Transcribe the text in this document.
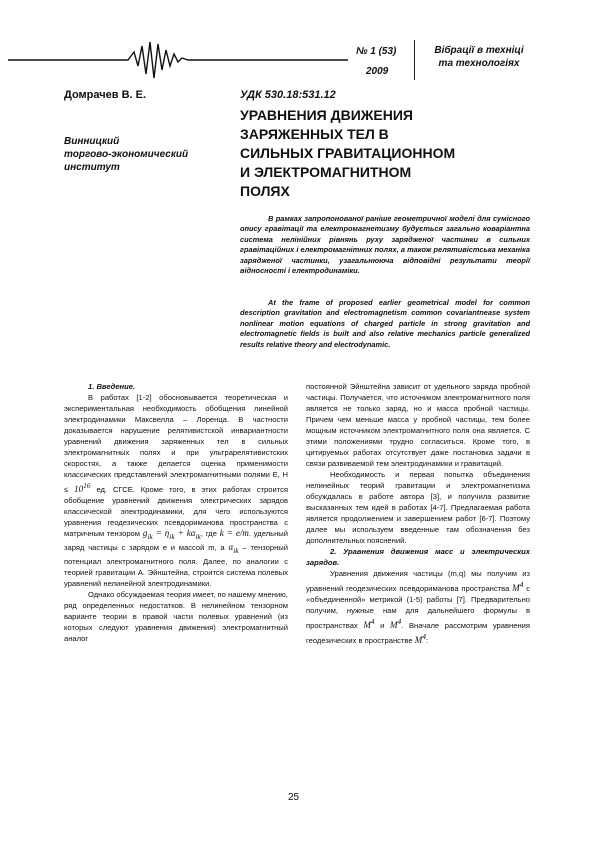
№ 1 (53)
2009
Вібрації в техніці
та технологіях
Домрачев В. Е.	УДК 530.18:531.12
Винницкий
торгово-экономический
институт
УРАВНЕНИЯ ДВИЖЕНИЯ
ЗАРЯЖЕННЫХ ТЕЛ В
СИЛЬНЫХ ГРАВИТАЦИОННОМ
И ЭЛЕКТРОМАГНИТНОМ
ПОЛЯХ
В рамках запропонованої раніше геометричної моделі для сумісного опису гравітації та електромагнетизму будується загально коваріантна система нелінійних рівнянь руху зарядженої частинки в сильних гравітаційних і електромагнітних полях, а також релятивістська механіка зарядженої частинки, узагальнююча відповідні результати теорії відносності і електродинаміки.
At the frame of proposed earlier geometrical model for common description gravitation and electromagnetism common covariantnease system nonlinear motion equations of charged particle in strong gravitation and electromagnetic fields is built and also relative mechanics particle generalized results relative theory and electrodynamic.

1. Введение.

В работах [1-2] обосновывается теоретическая и экспериментальная необходимость обобщения линейной электродинамики Максвелла – Лоренца. В частности доказывается нарушение релятивистской инвариантности уравнений движения заряженных тел в сильных электромагнитных полях и при ультрарелятивистских скоростях, а также делается оценка применимости классических представлений электромагнитными полями Е, $Н \le 10^{16}$ ед. СГСЕ. Кроме того, в этих работах строится обобщение уравнений движения электрических зарядов классической электродинамики, для чего используются уравнения геодезических псевдориманова пространства с матричным тензором $g_{ik} = \eta_{ik} + k\alpha_{ik}$, где k = e/m. удельный заряд частицы с зарядом e и массой m, а $\alpha_{ik}$ – тензорный потенциал электромагнитного поля. Далее, по аналогии с теорией гравитации А. Эйнштейна, строится система полевых уравнений нелинейной электродинамики.

Однако обсуждаемая теория имеет, по нашему мнению, ряд определенных недостатков. В нелинейном тензорном варианте теории в правой части полевых уравнений (из которых следуют уравнения движения) электромагнитный аналог

постоянной Эйнштейна зависит от удельного заряда пробной частицы. Получается, что источником электромагнитного поля является не только заряд, но и масса пробной частицы. Причем чем меньше масса у пробной частицы, тем более мощным источником электромагнитного поля она является. С этими положениями трудно согласиться. Кроме того, в цитируемых работах отсутствует даже постановка задачи в связи развиваемой тем электродинамики и гравитаций.

Необходимость и первая попытка объединения нелинейных теорий гравитации и электромагнетизма обсуждалась в работе автора [3], и получила развитие высказанных тем идей в работах [4-7]. Предлагаемая работа является продолжением и завершением работ [6-7]. Поэтому далее мы используем введенные там обозначения без дополнительных пояснений.

2. Уравнения движения масс и электрических зарядов.

Уравнения движения частицы (m,q) мы получим из уравнений геодезических псевдориманова пространства $M^4$ с «объединенной» метрикой (1-5) работы [7]. Предварительно получим, нужные нам для дальнейшего формулы в пространствах $M^4$ и $M^4$. Вначале рассмотрим уравнения геодезических в пространстве $M^4$:

25
